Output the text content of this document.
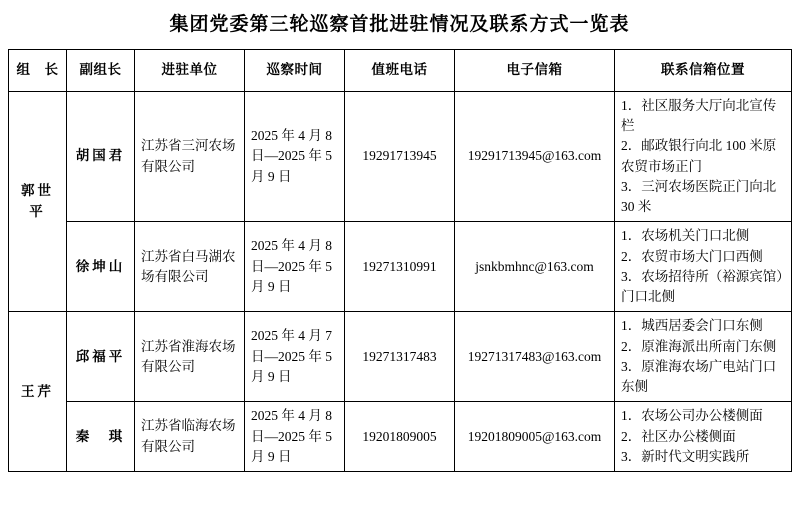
集团党委第三轮巡察首批进驻情况及联系方式一览表
组　长	副组长	进驻单位	巡察时间	值班电话	电子信箱	联系信箱位置
郭世平	胡国君	江苏省三河农场有限公司	2025 年 4 月 8 日—2025 年 5 月 9 日	19291713945	19291713945@163.com	1．社区服务大厅向北宣传栏
2．邮政银行向北 100 米原农贸市场正门
3．三河农场医院正门向北 30 米

	徐坤山	江苏省白马湖农场有限公司	2025 年 4 月 8 日—2025 年 5 月 9 日	19271310991	jsnkbmhnc@163.com	1．农场机关门口北侧
2．农贸市场大门口西侧
3．农场招待所（裕源宾馆）门口北侧

王芹	邱福平	江苏省淮海农场有限公司	2025 年 4 月 7 日—2025 年 5 月 9 日	19271317483	19271317483@163.com	1．城西居委会门口东侧
2．原淮海派出所南门东侧
3．原淮海农场广电站门口东侧

	秦　琪	江苏省临海农场有限公司	2025 年 4 月 8 日—2025 年 5 月 9 日	19201809005	19201809005@163.com	1．农场公司办公楼侧面
2．社区办公楼侧面
3．新时代文明实践所
